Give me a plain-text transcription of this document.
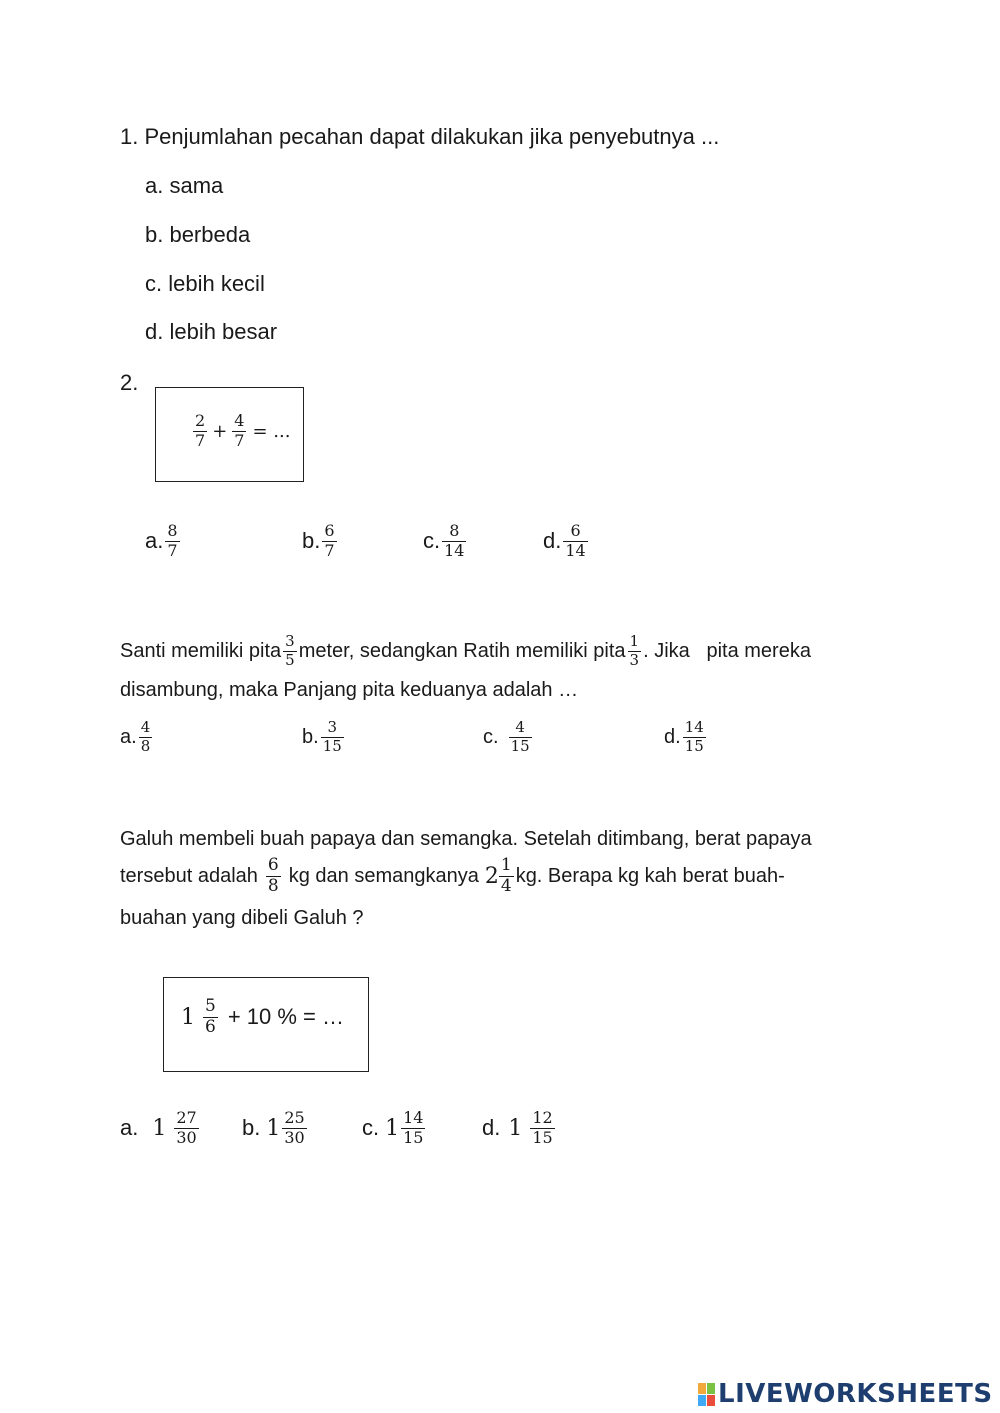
1. Penjumlahan pecahan dapat dilakukan jika penyebutnya ...
a. sama
b. berbeda
c. lebih kecil
d. lebih besar
2.
$\frac{2}{7} + \frac{4}{7}$ = ...
a. $\frac{8}{7}$	b. $\frac{6}{7}$	c. $\frac{8}{14}$	d. $\frac{6}{14}$
Santi memiliki pita $\frac{3}{5}$ meter, sedangkan Ratih memiliki pita $\frac{1}{3}$ . Jika   pita mereka
disambung, maka Panjang pita keduanya adalah …
a. $\frac{4}{8}$	b. $\frac{3}{15}$	c. $\frac{4}{15}$	d. $\frac{14}{15}$
Galuh membeli buah papaya dan semangka. Setelah ditimbang, berat papaya
tersebut adalah $\frac{6}{8}$ kg dan semangkanya $2 \frac{1}{4}$ kg. Berapa kg kah berat buah-
buahan yang dibeli Galuh ?
$1 \frac{5}{6} + 10$ % = …
a. $1 \frac{27}{30} b$. $1 \frac{25}{30}$	c. $1 \frac{14}{15}$	d. $1 \frac{12}{15}$
LIVEWORKSHEETS
